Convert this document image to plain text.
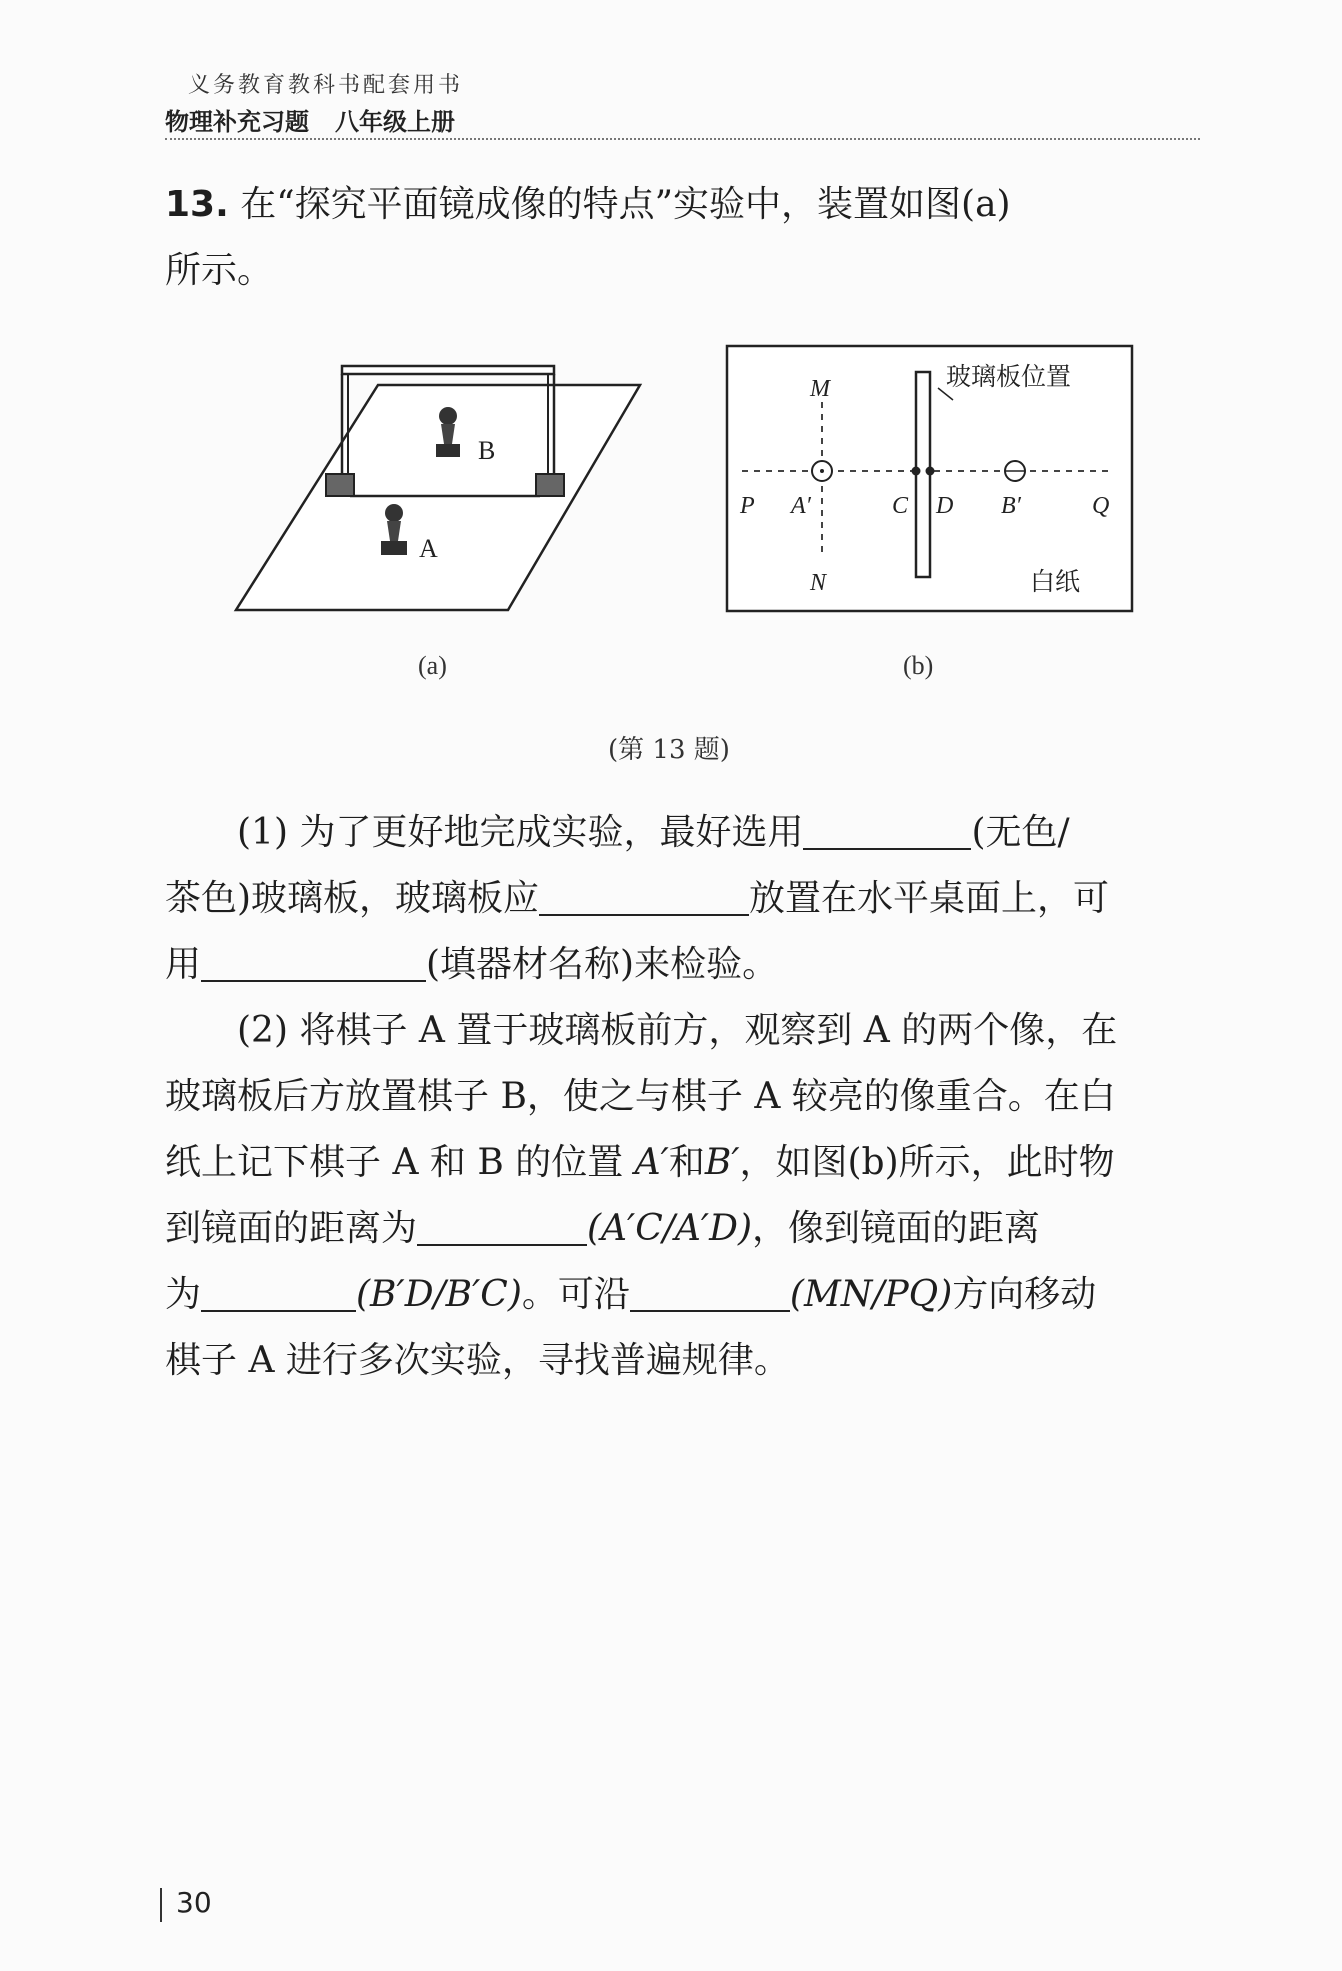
义务教育教科书配套用书
物理补充习题 八年级上册
13. 在“探究平面镜成像的特点”实验中，装置如图(a)
所示。
B
A
玻璃板位置
M
N
P A′	C D B′	Q
白纸
(a)	(b)
(第 13 题)
(1) 为了更好地完成实验，最好选用	(无色/
茶色)玻璃板，玻璃板应	放置在水平桌面上，可
用	(填器材名称)来检验。
(2) 将棋子 A 置于玻璃板前方，观察到 A 的两个像，在
玻璃板后方放置棋子 B，使之与棋子 A 较亮的像重合。在白
纸上记下棋子 A 和 B 的位置 A′和B′，如图(b)所示，此时物
到镜面的距离为	(A′C/A′D)，像到镜面的距离
为	(B′D/B′C)。可沿	(MN/PQ)方向移动
棋子 A 进行多次实验，寻找普遍规律。
30
